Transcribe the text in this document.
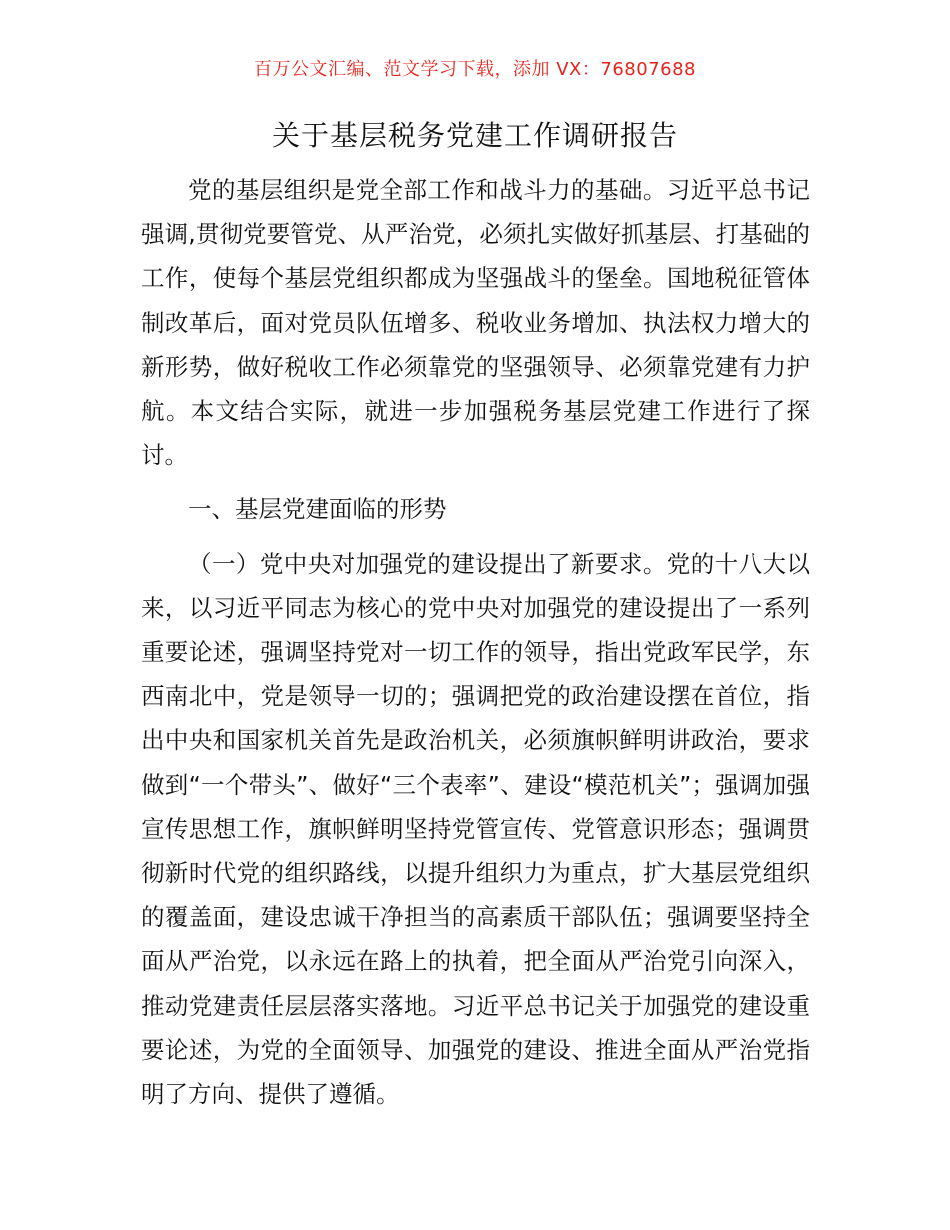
百万公文汇编、范文学习下载，添加 VX：76807688
关于基层税务党建工作调研报告

党的基层组织是党全部工作和战斗力的基础。习近平总书记强调,贯彻党要管党、从严治党，必须扎实做好抓基层、打基础的工作，使每个基层党组织都成为坚强战斗的堡垒。国地税征管体制改革后，面对党员队伍增多、税收业务增加、执法权力增大的新形势，做好税收工作必须靠党的坚强领导、必须靠党建有力护航。本文结合实际，就进一步加强税务基层党建工作进行了探讨。

一、基层党建面临的形势

（一）党中央对加强党的建设提出了新要求。党的十八大以来，以习近平同志为核心的党中央对加强党的建设提出了一系列重要论述，强调坚持党对一切工作的领导，指出党政军民学，东西南北中，党是领导一切的；强调把党的政治建设摆在首位，指出中央和国家机关首先是政治机关，必须旗帜鲜明讲政治，要求做到“一个带头”、做好“三个表率”、建设“模范机关”；强调加强宣传思想工作，旗帜鲜明坚持党管宣传、党管意识形态；强调贯彻新时代党的组织路线，以提升组织力为重点，扩大基层党组织的覆盖面，建设忠诚干净担当的高素质干部队伍；强调要坚持全面从严治党，以永远在路上的执着，把全面从严治党引向深入，推动党建责任层层落实落地。习近平总书记关于加强党的建设重要论述，为党的全面领导、加强党的建设、推进全面从严治党指明了方向、提供了遵循。
